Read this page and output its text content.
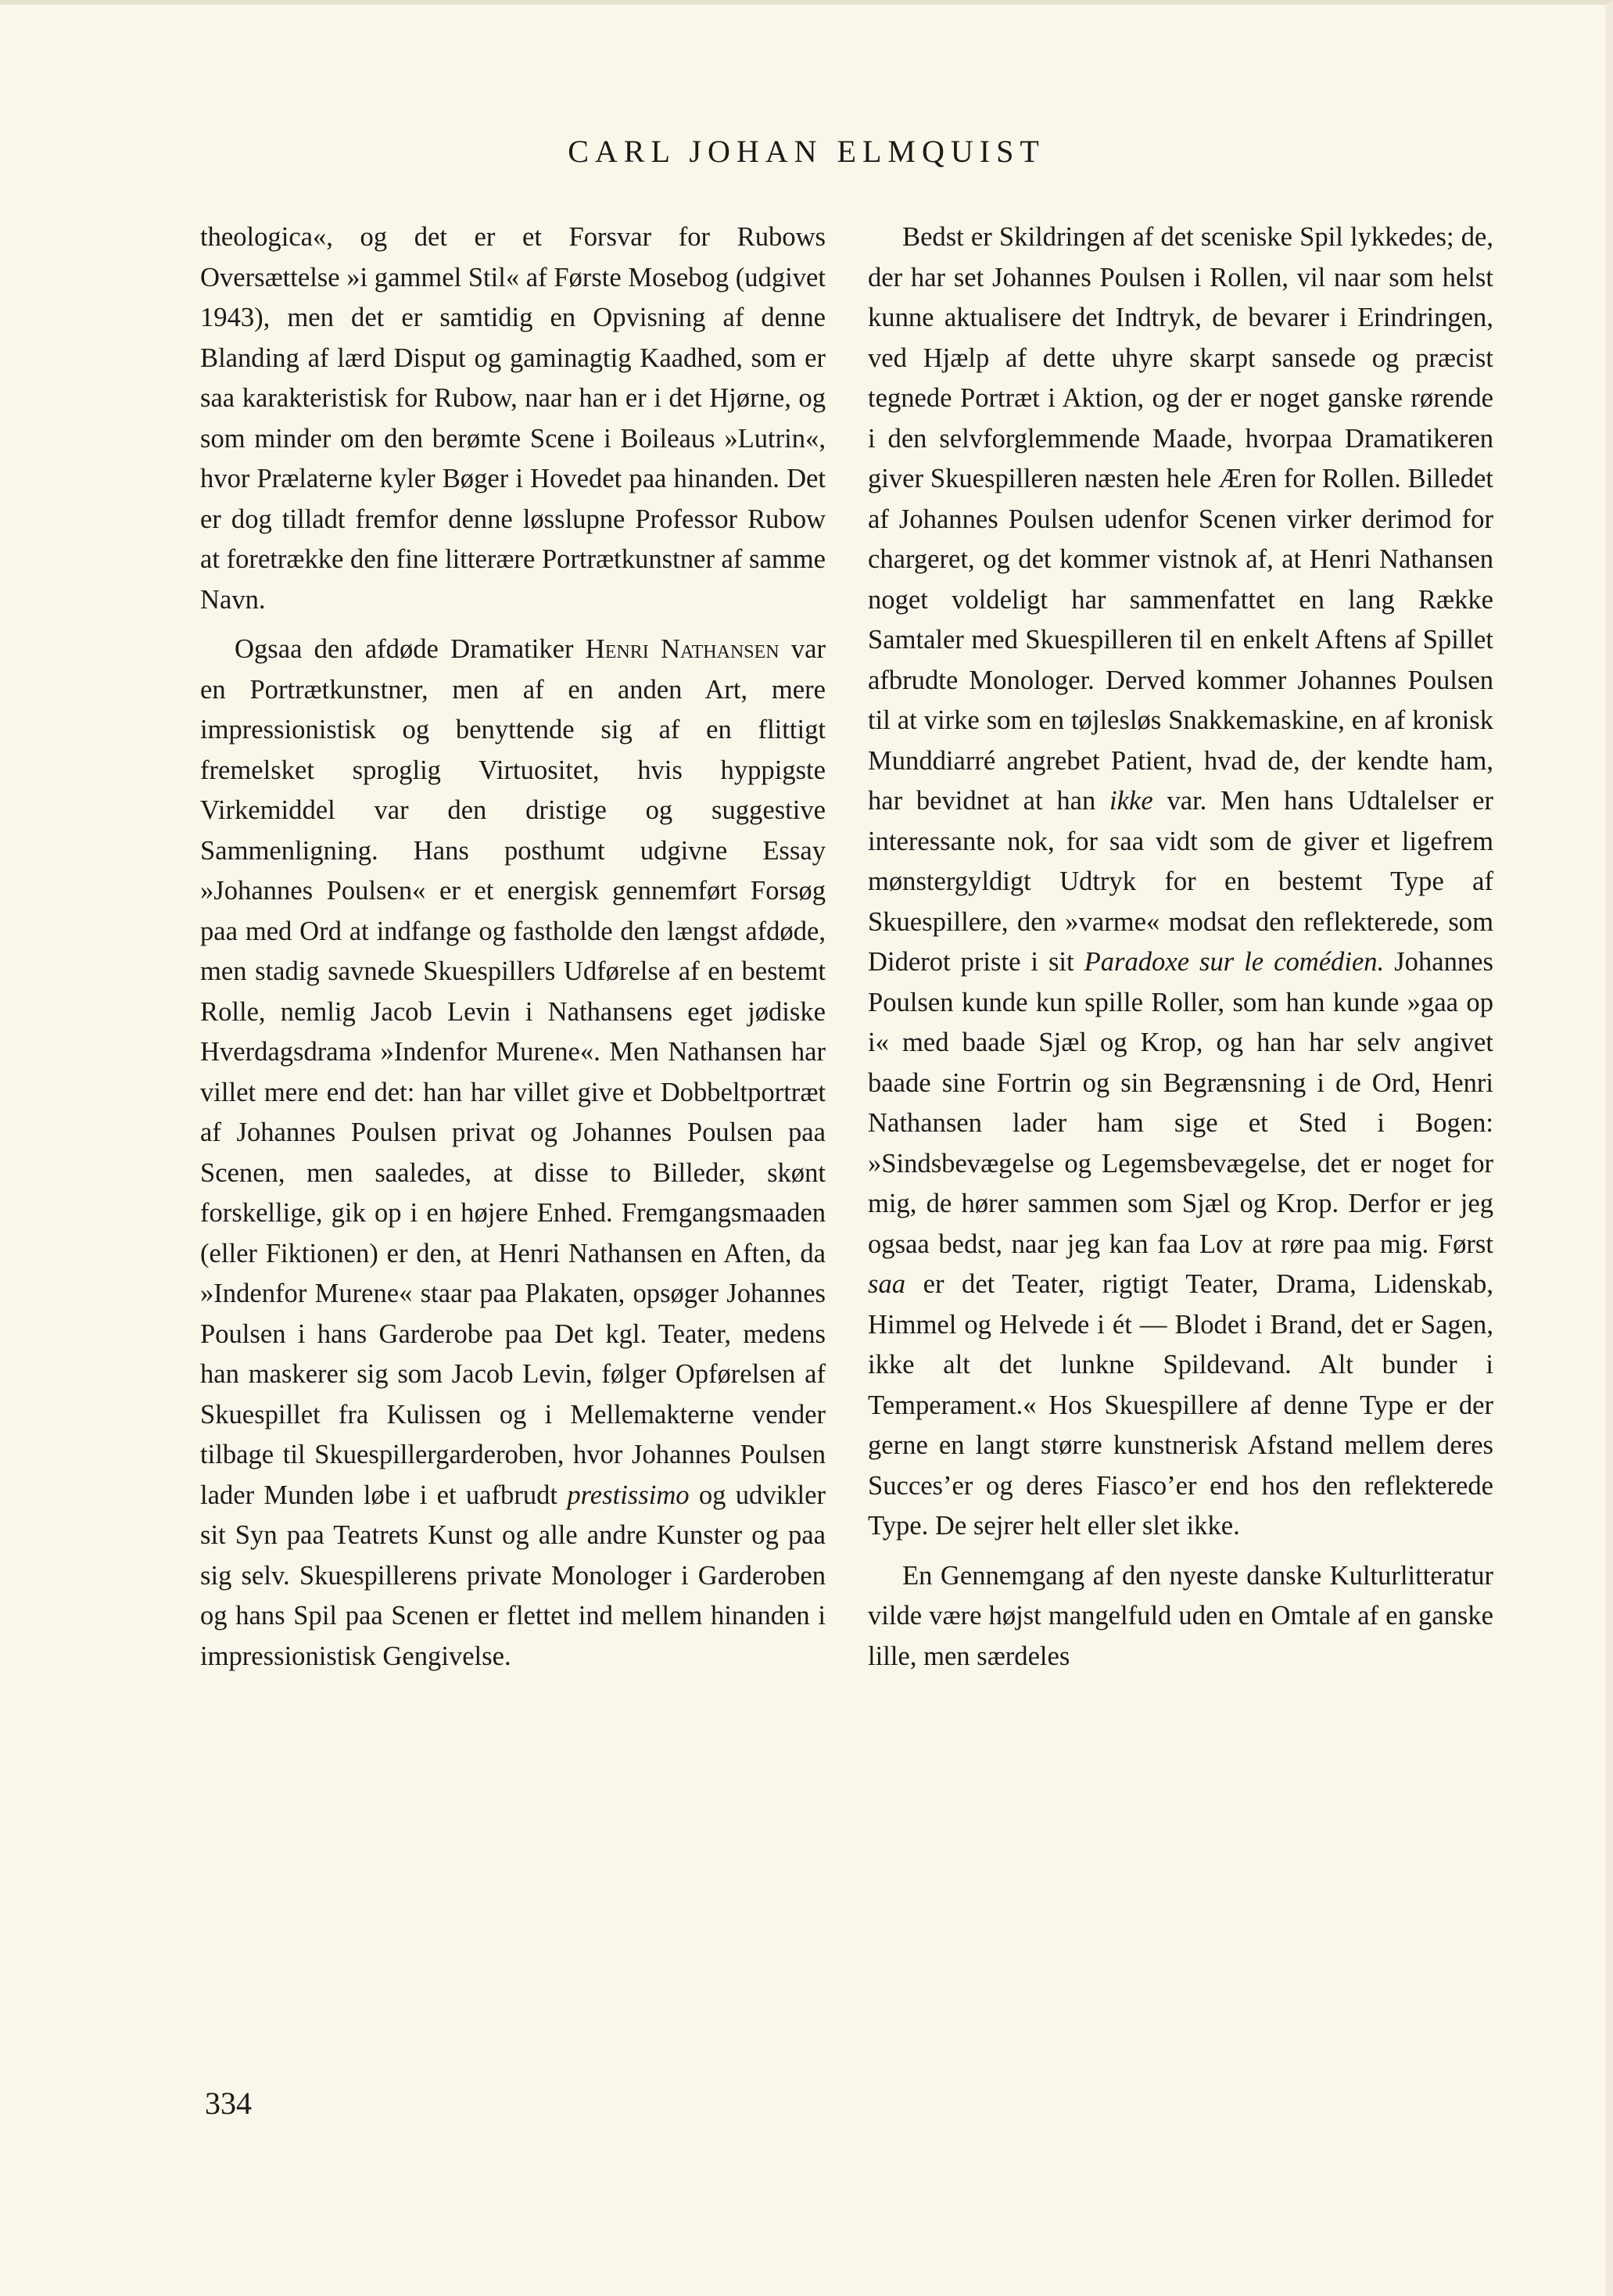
CARL JOHAN ELMQUIST

theologica«, og det er et Forsvar for Rubows Oversættelse »i gammel Stil« af Første Mosebog (udgivet 1943), men det er samtidig en Opvisning af denne Blanding af lærd Disput og gaminagtig Kaadhed, som er saa karakteristisk for Rubow, naar han er i det Hjørne, og som minder om den berømte Scene i Boileaus »Lutrin«, hvor Prælaterne kyler Bøger i Hovedet paa hinanden. Det er dog tilladt fremfor denne løsslupne Professor Rubow at foretrække den fine litterære Portrætkunstner af samme Navn.

Ogsaa den afdøde Dramatiker Henri Nathansen var en Portrætkunstner, men af en anden Art, mere impressionistisk og benyttende sig af en flittigt fremelsket sproglig Virtuositet, hvis hyppigste Virkemiddel var den dristige og suggestive Sammenligning. Hans posthumt udgivne Essay »Johannes Poulsen« er et energisk gennemført Forsøg paa med Ord at indfange og fastholde den længst afdøde, men stadig savnede Skuespillers Udførelse af en bestemt Rolle, nemlig Jacob Levin i Nathansens eget jødiske Hverdagsdrama »Indenfor Murene«. Men Nathansen har villet mere end det: han har villet give et Dobbeltportræt af Johannes Poulsen privat og Johannes Poulsen paa Scenen, men saaledes, at disse to Billeder, skønt forskellige, gik op i en højere Enhed. Fremgangsmaaden (eller Fiktionen) er den, at Henri Nathansen en Aften, da »Indenfor Murene« staar paa Plakaten, opsøger Johannes Poulsen i hans Garderobe paa Det kgl. Teater, medens han maskerer sig som Jacob Levin, følger Opførelsen af Skuespillet fra Kulissen og i Mellemakterne vender tilbage til Skuespillergarderoben, hvor Johannes Poulsen lader Munden løbe i et uafbrudt prestissimo og udvikler sit Syn paa Teatrets Kunst og alle andre Kunster og paa sig selv. Skuespillerens private Monologer i Garderoben og hans Spil paa Scenen er flettet ind mellem hinanden i impressionistisk Gengivelse.

Bedst er Skildringen af det sceniske Spil lykkedes; de, der har set Johannes Poulsen i Rollen, vil naar som helst kunne aktualisere det Indtryk, de bevarer i Erindringen, ved Hjælp af dette uhyre skarpt sansede og præcist tegnede Portræt i Aktion, og der er noget ganske rørende i den selvforglemmende Maade, hvorpaa Dramatikeren giver Skuespilleren næsten hele Æren for Rollen. Billedet af Johannes Poulsen udenfor Scenen virker derimod for chargeret, og det kommer vistnok af, at Henri Nathansen noget voldeligt har sammenfattet en lang Række Samtaler med Skuespilleren til en enkelt Aftens af Spillet afbrudte Monologer. Derved kommer Johannes Poulsen til at virke som en tøjlesløs Snakkemaskine, en af kronisk Munddiarré angrebet Patient, hvad de, der kendte ham, har bevidnet at han ikke var. Men hans Udtalelser er interessante nok, for saa vidt som de giver et ligefrem mønstergyldigt Udtryk for en bestemt Type af Skuespillere, den »varme« modsat den reflekterede, som Diderot priste i sit Paradoxe sur le comédien. Johannes Poulsen kunde kun spille Roller, som han kunde »gaa op i« med baade Sjæl og Krop, og han har selv angivet baade sine Fortrin og sin Begrænsning i de Ord, Henri Nathansen lader ham sige et Sted i Bogen: »Sindsbevægelse og Legemsbevægelse, det er noget for mig, de hører sammen som Sjæl og Krop. Derfor er jeg ogsaa bedst, naar jeg kan faa Lov at røre paa mig. Først saa er det Teater, rigtigt Teater, Drama, Lidenskab, Himmel og Helvede i ét — Blodet i Brand, det er Sagen, ikke alt det lunkne Spildevand. Alt bunder i Temperament.« Hos Skuespillere af denne Type er der gerne en langt større kunstnerisk Afstand mellem deres Succes’er og deres Fiasco’er end hos den reflekterede Type. De sejrer helt eller slet ikke.

En Gennemgang af den nyeste danske Kulturlitteratur vilde være højst mangelfuld uden en Omtale af en ganske lille, men særdeles

334
